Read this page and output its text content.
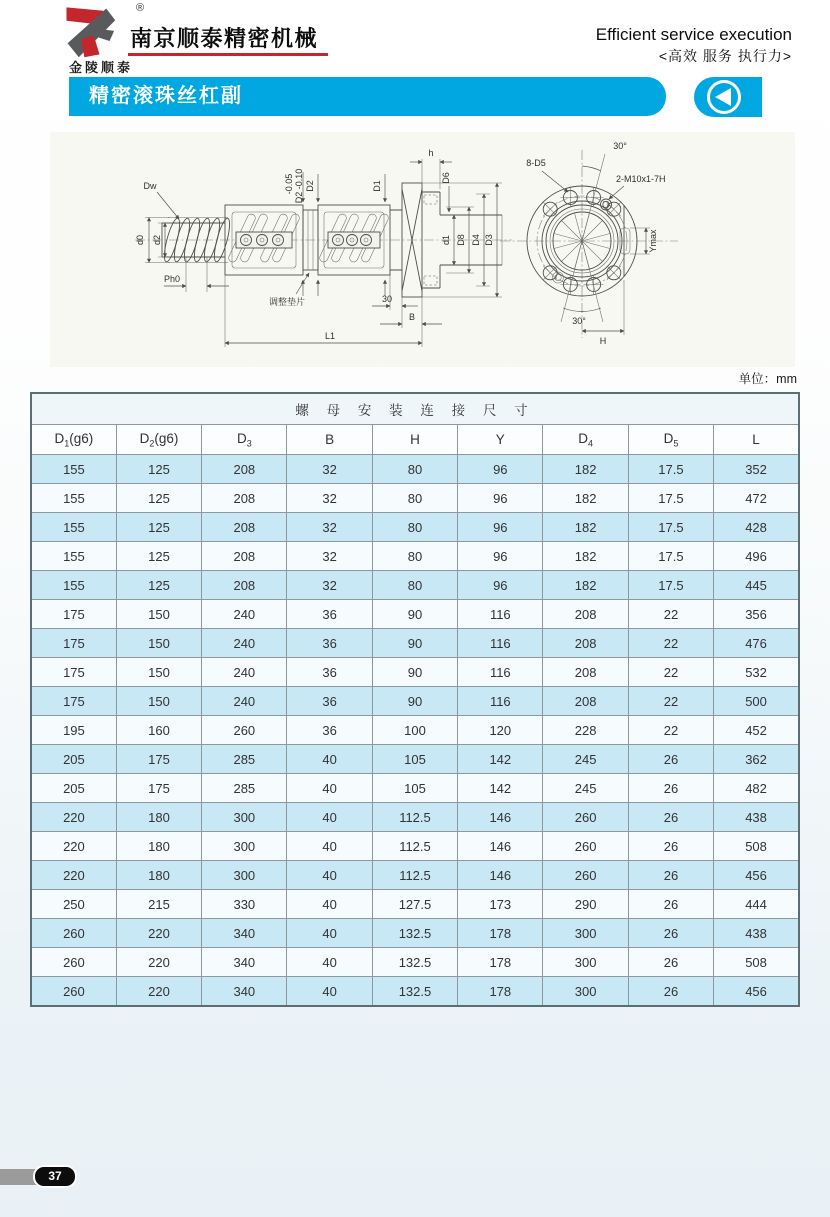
®
金陵顺泰
南京顺泰精密机械	Efficient service execution
<高效 服务 执行力>
精密滚珠丝杠副
d0 d2
Dw
Ph0
调整垫片
-0.05 D2 -0.10 D2	D1
h
D6
d1 D8 D4 D3
30
B
L1
30°
30°
8-D5
2-M10x1-7H
Ymax
H
单位：mm
螺 母 安 装 连 接 尺 寸								
$D_1(g6)$	$D_2(g6)$	$D_3$	B	H	Y	$D_4$	$D_5$	L
155	125	208	32	80	96	182	17.5	352
155	125	208	32	80	96	182	17.5	472
155	125	208	32	80	96	182	17.5	428
155	125	208	32	80	96	182	17.5	496
155	125	208	32	80	96	182	17.5	445
175	150	240	36	90	116	208	22	356
175	150	240	36	90	116	208	22	476
175	150	240	36	90	116	208	22	532
175	150	240	36	90	116	208	22	500
195	160	260	36	100	120	228	22	452
205	175	285	40	105	142	245	26	362
205	175	285	40	105	142	245	26	482
220	180	300	40	112.5	146	260	26	438
220	180	300	40	112.5	146	260	26	508
220	180	300	40	112.5	146	260	26	456
250	215	330	40	127.5	173	290	26	444
260	220	340	40	132.5	178	300	26	438
260	220	340	40	132.5	178	300	26	508
260	220	340	40	132.5	178	300	26	456
37
